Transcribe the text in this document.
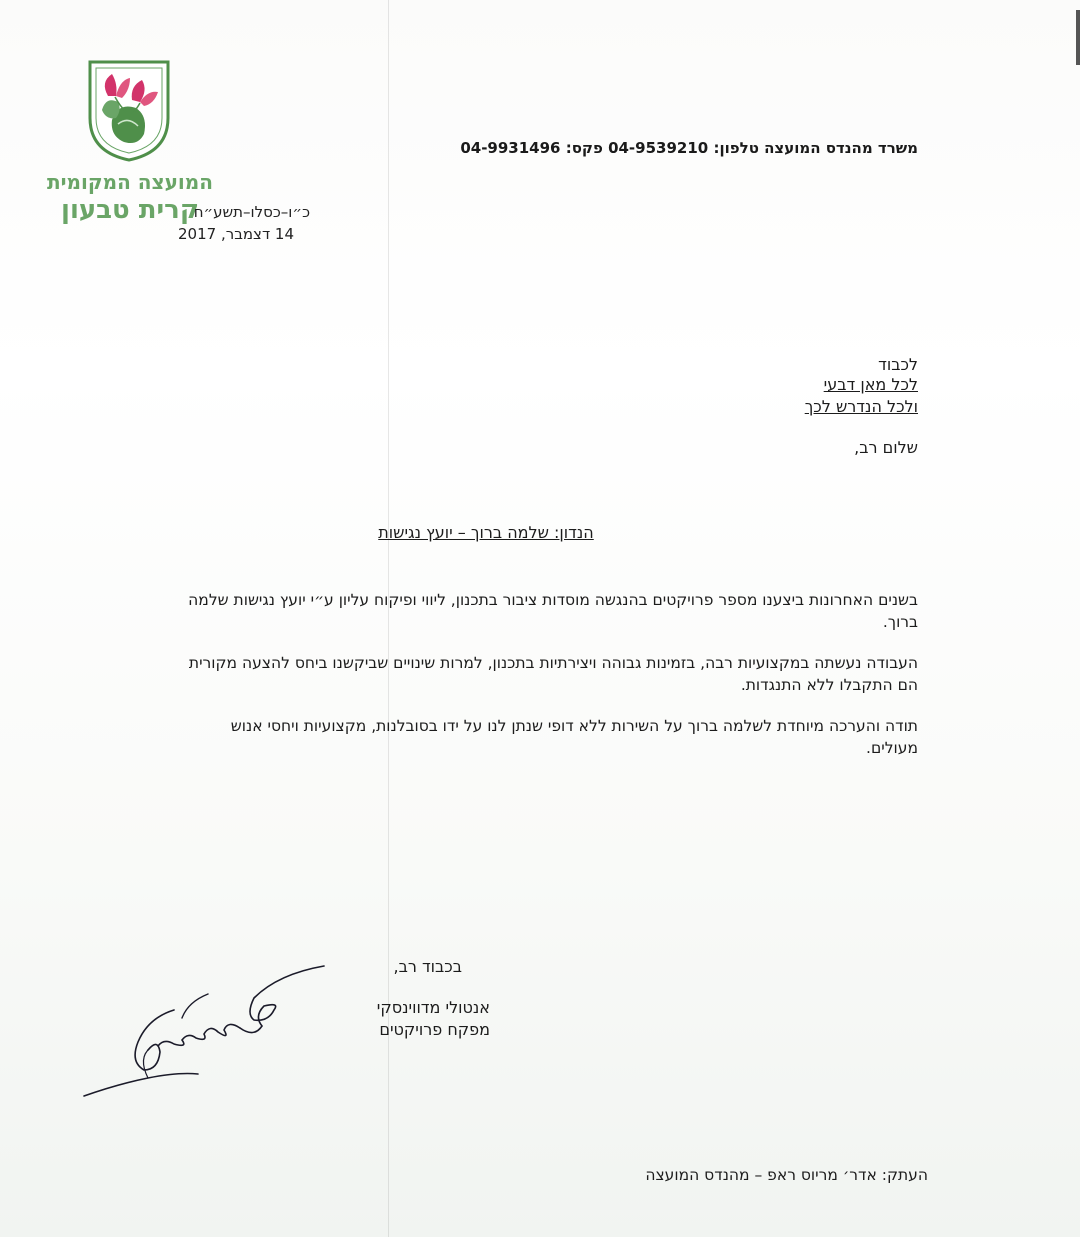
המועצה המקומית
קרית טבעון
כ״ו–כסלו–תשע״ח
14 דצמבר, 2017
משרד מהנדס המועצה טלפון: 04-9539210 פקס: 04-9931496
לכבוד
לכל מאן דבעי
ולכל הנדרש לכך
שלום רב,
הנדון: שלמה ברוך – יועץ נגישות
בשנים האחרונות ביצענו מספר פרויקטים בהנגשה מוסדות ציבור בתכנון, ליווי ופיקוח עליון ע״י יועץ נגישות שלמה ברוך.
העבודה נעשתה במקצועיות רבה, בזמינות גבוהה ויצירתיות בתכנון, למרות שינויים שביקשנו ביחס להצעה מקורית הם התקבלו ללא התנגדות.
תודה והערכה מיוחדת לשלמה ברוך על השירות ללא דופי שנתן לנו על ידו בסובלנות, מקצועיות ויחסי אנוש מעולים.
בכבוד רב,
אנטולי מדווינסקי
מפקח פרויקטים
העתק: אדר׳ מריוס ראפ – מהנדס המועצה
